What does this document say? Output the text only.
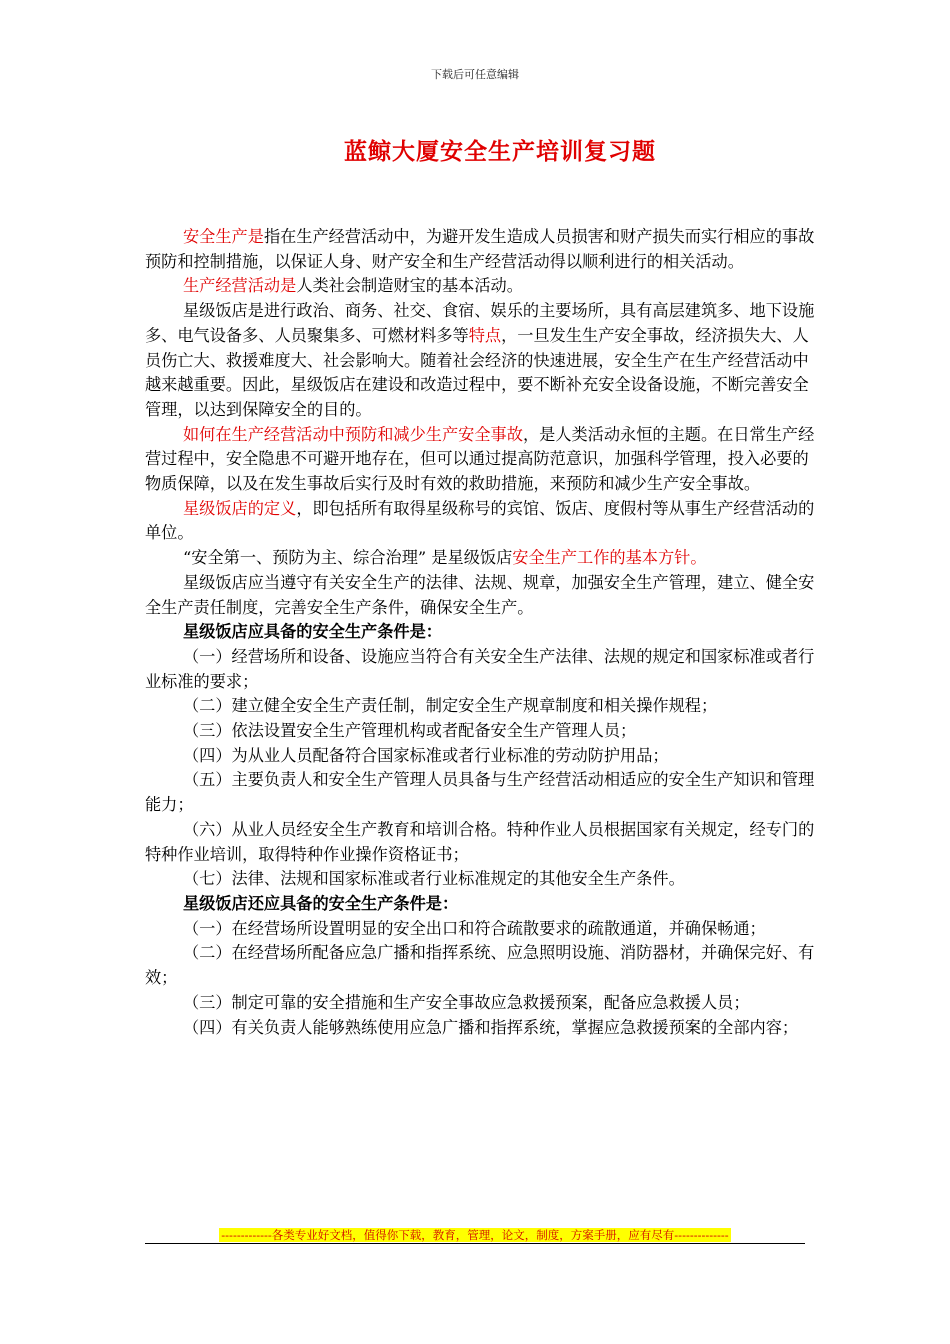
下载后可任意编辑
蓝鲸大厦安全生产培训复习题

安全生产是指在生产经营活动中，为避开发生造成人员损害和财产损失而实行相应的事故预防和控制措施，以保证人身、财产安全和生产经营活动得以顺利进行的相关活动。

生产经营活动是人类社会制造财宝的基本活动。

星级饭店是进行政治、商务、社交、食宿、娱乐的主要场所，具有高层建筑多、地下设施多、电气设备多、人员聚集多、可燃材料多等特点，一旦发生生产安全事故，经济损失大、人员伤亡大、救援难度大、社会影响大。随着社会经济的快速进展，安全生产在生产经营活动中越来越重要。因此，星级饭店在建设和改造过程中，要不断补充安全设备设施，不断完善安全管理，以达到保障安全的目的。

如何在生产经营活动中预防和减少生产安全事故，是人类活动永恒的主题。在日常生产经营过程中，安全隐患不可避开地存在，但可以通过提高防范意识，加强科学管理，投入必要的物质保障，以及在发生事故后实行及时有效的救助措施，来预防和减少生产安全事故。

星级饭店的定义，即包括所有取得星级称号的宾馆、饭店、度假村等从事生产经营活动的单位。

“安全第一、预防为主、综合治理” 是星级饭店安全生产工作的基本方针。

星级饭店应当遵守有关安全生产的法律、法规、规章，加强安全生产管理，建立、健全安全生产责任制度，完善安全生产条件，确保安全生产。

星级饭店应具备的安全生产条件是：

（一）经营场所和设备、设施应当符合有关安全生产法律、法规的规定和国家标准或者行业标准的要求；

（二）建立健全安全生产责任制，制定安全生产规章制度和相关操作规程；

（三）依法设置安全生产管理机构或者配备安全生产管理人员；

（四）为从业人员配备符合国家标准或者行业标准的劳动防护用品；

（五）主要负责人和安全生产管理人员具备与生产经营活动相适应的安全生产知识和管理能力；

（六）从业人员经安全生产教育和培训合格。特种作业人员根据国家有关规定，经专门的特种作业培训，取得特种作业操作资格证书；

（七）法律、法规和国家标准或者行业标准规定的其他安全生产条件。

星级饭店还应具备的安全生产条件是：

（一）在经营场所设置明显的安全出口和符合疏散要求的疏散通道，并确保畅通；

（二）在经营场所配备应急广播和指挥系统、应急照明设施、消防器材，并确保完好、有效；

（三）制定可靠的安全措施和生产安全事故应急救援预案，配备应急救援人员；

（四）有关负责人能够熟练使用应急广播和指挥系统，掌握应急救援预案的全部内容；

-------------各类专业好文档，值得你下载，教育，管理，论文，制度，方案手册，应有尽有--------------
